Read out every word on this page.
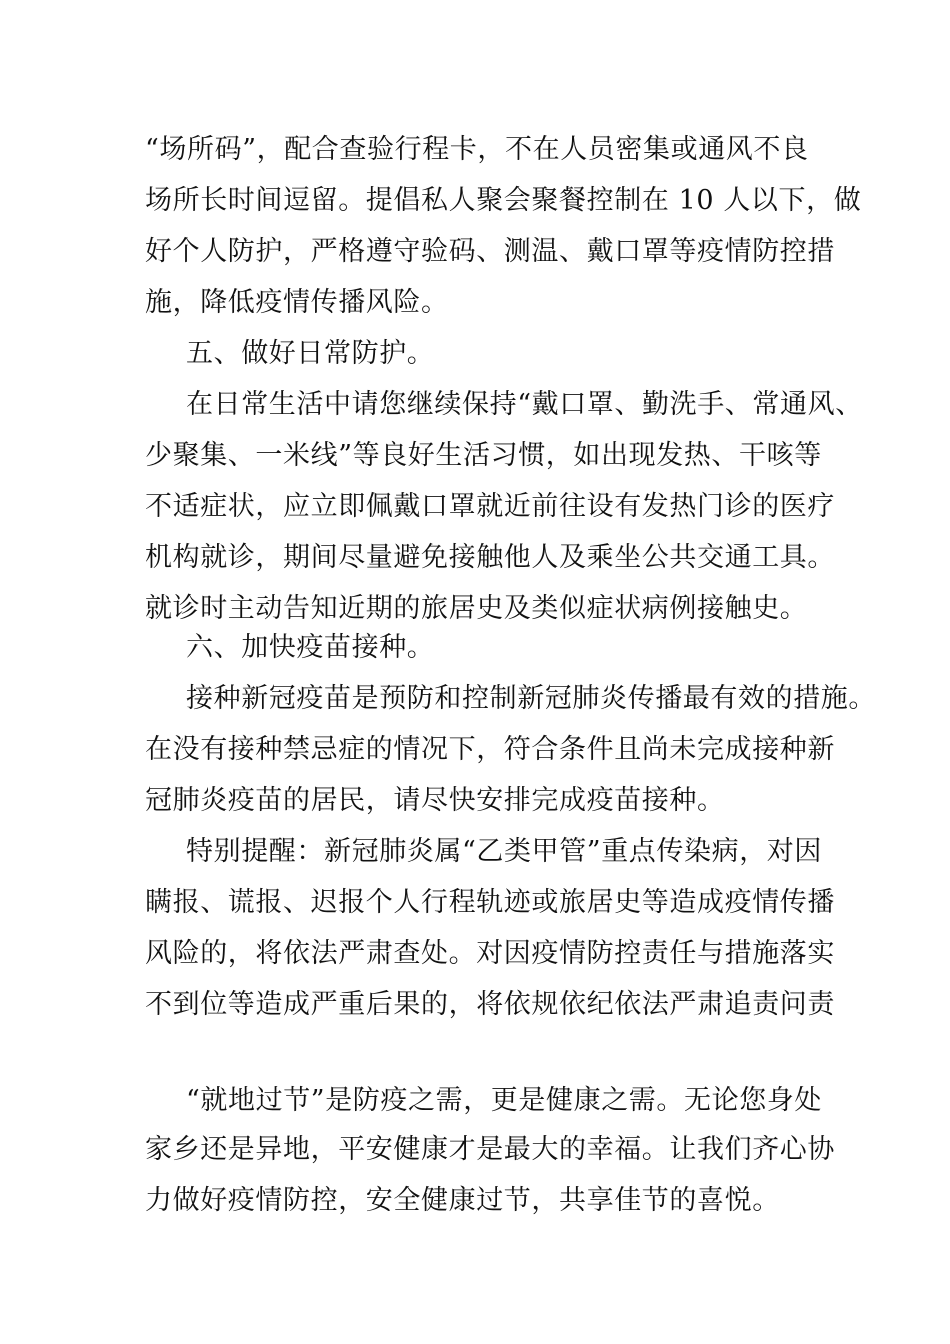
“场所码”，配合查验行程卡，不在人员密集或通风不良
场所长时间逗留。提倡私人聚会聚餐控制在 10 人以下，做
好个人防护，严格遵守验码、测温、戴口罩等疫情防控措
施，降低疫情传播风险。
五、做好日常防护。
在日常生活中请您继续保持“戴口罩、勤洗手、常通风、
少聚集、一米线”等良好生活习惯，如出现发热、干咳等
不适症状，应立即佩戴口罩就近前往设有发热门诊的医疗
机构就诊，期间尽量避免接触他人及乘坐公共交通工具。
就诊时主动告知近期的旅居史及类似症状病例接触史。
六、加快疫苗接种。
接种新冠疫苗是预防和控制新冠肺炎传播最有效的措施。
在没有接种禁忌症的情况下，符合条件且尚未完成接种新
冠肺炎疫苗的居民，请尽快安排完成疫苗接种。
特别提醒：新冠肺炎属“乙类甲管”重点传染病，对因
瞒报、谎报、迟报个人行程轨迹或旅居史等造成疫情传播
风险的，将依法严肃查处。对因疫情防控责任与措施落实
不到位等造成严重后果的，将依规依纪依法严肃追责问责
“就地过节”是防疫之需，更是健康之需。无论您身处
家乡还是异地，平安健康才是最大的幸福。让我们齐心协
力做好疫情防控，安全健康过节，共享佳节的喜悦。
